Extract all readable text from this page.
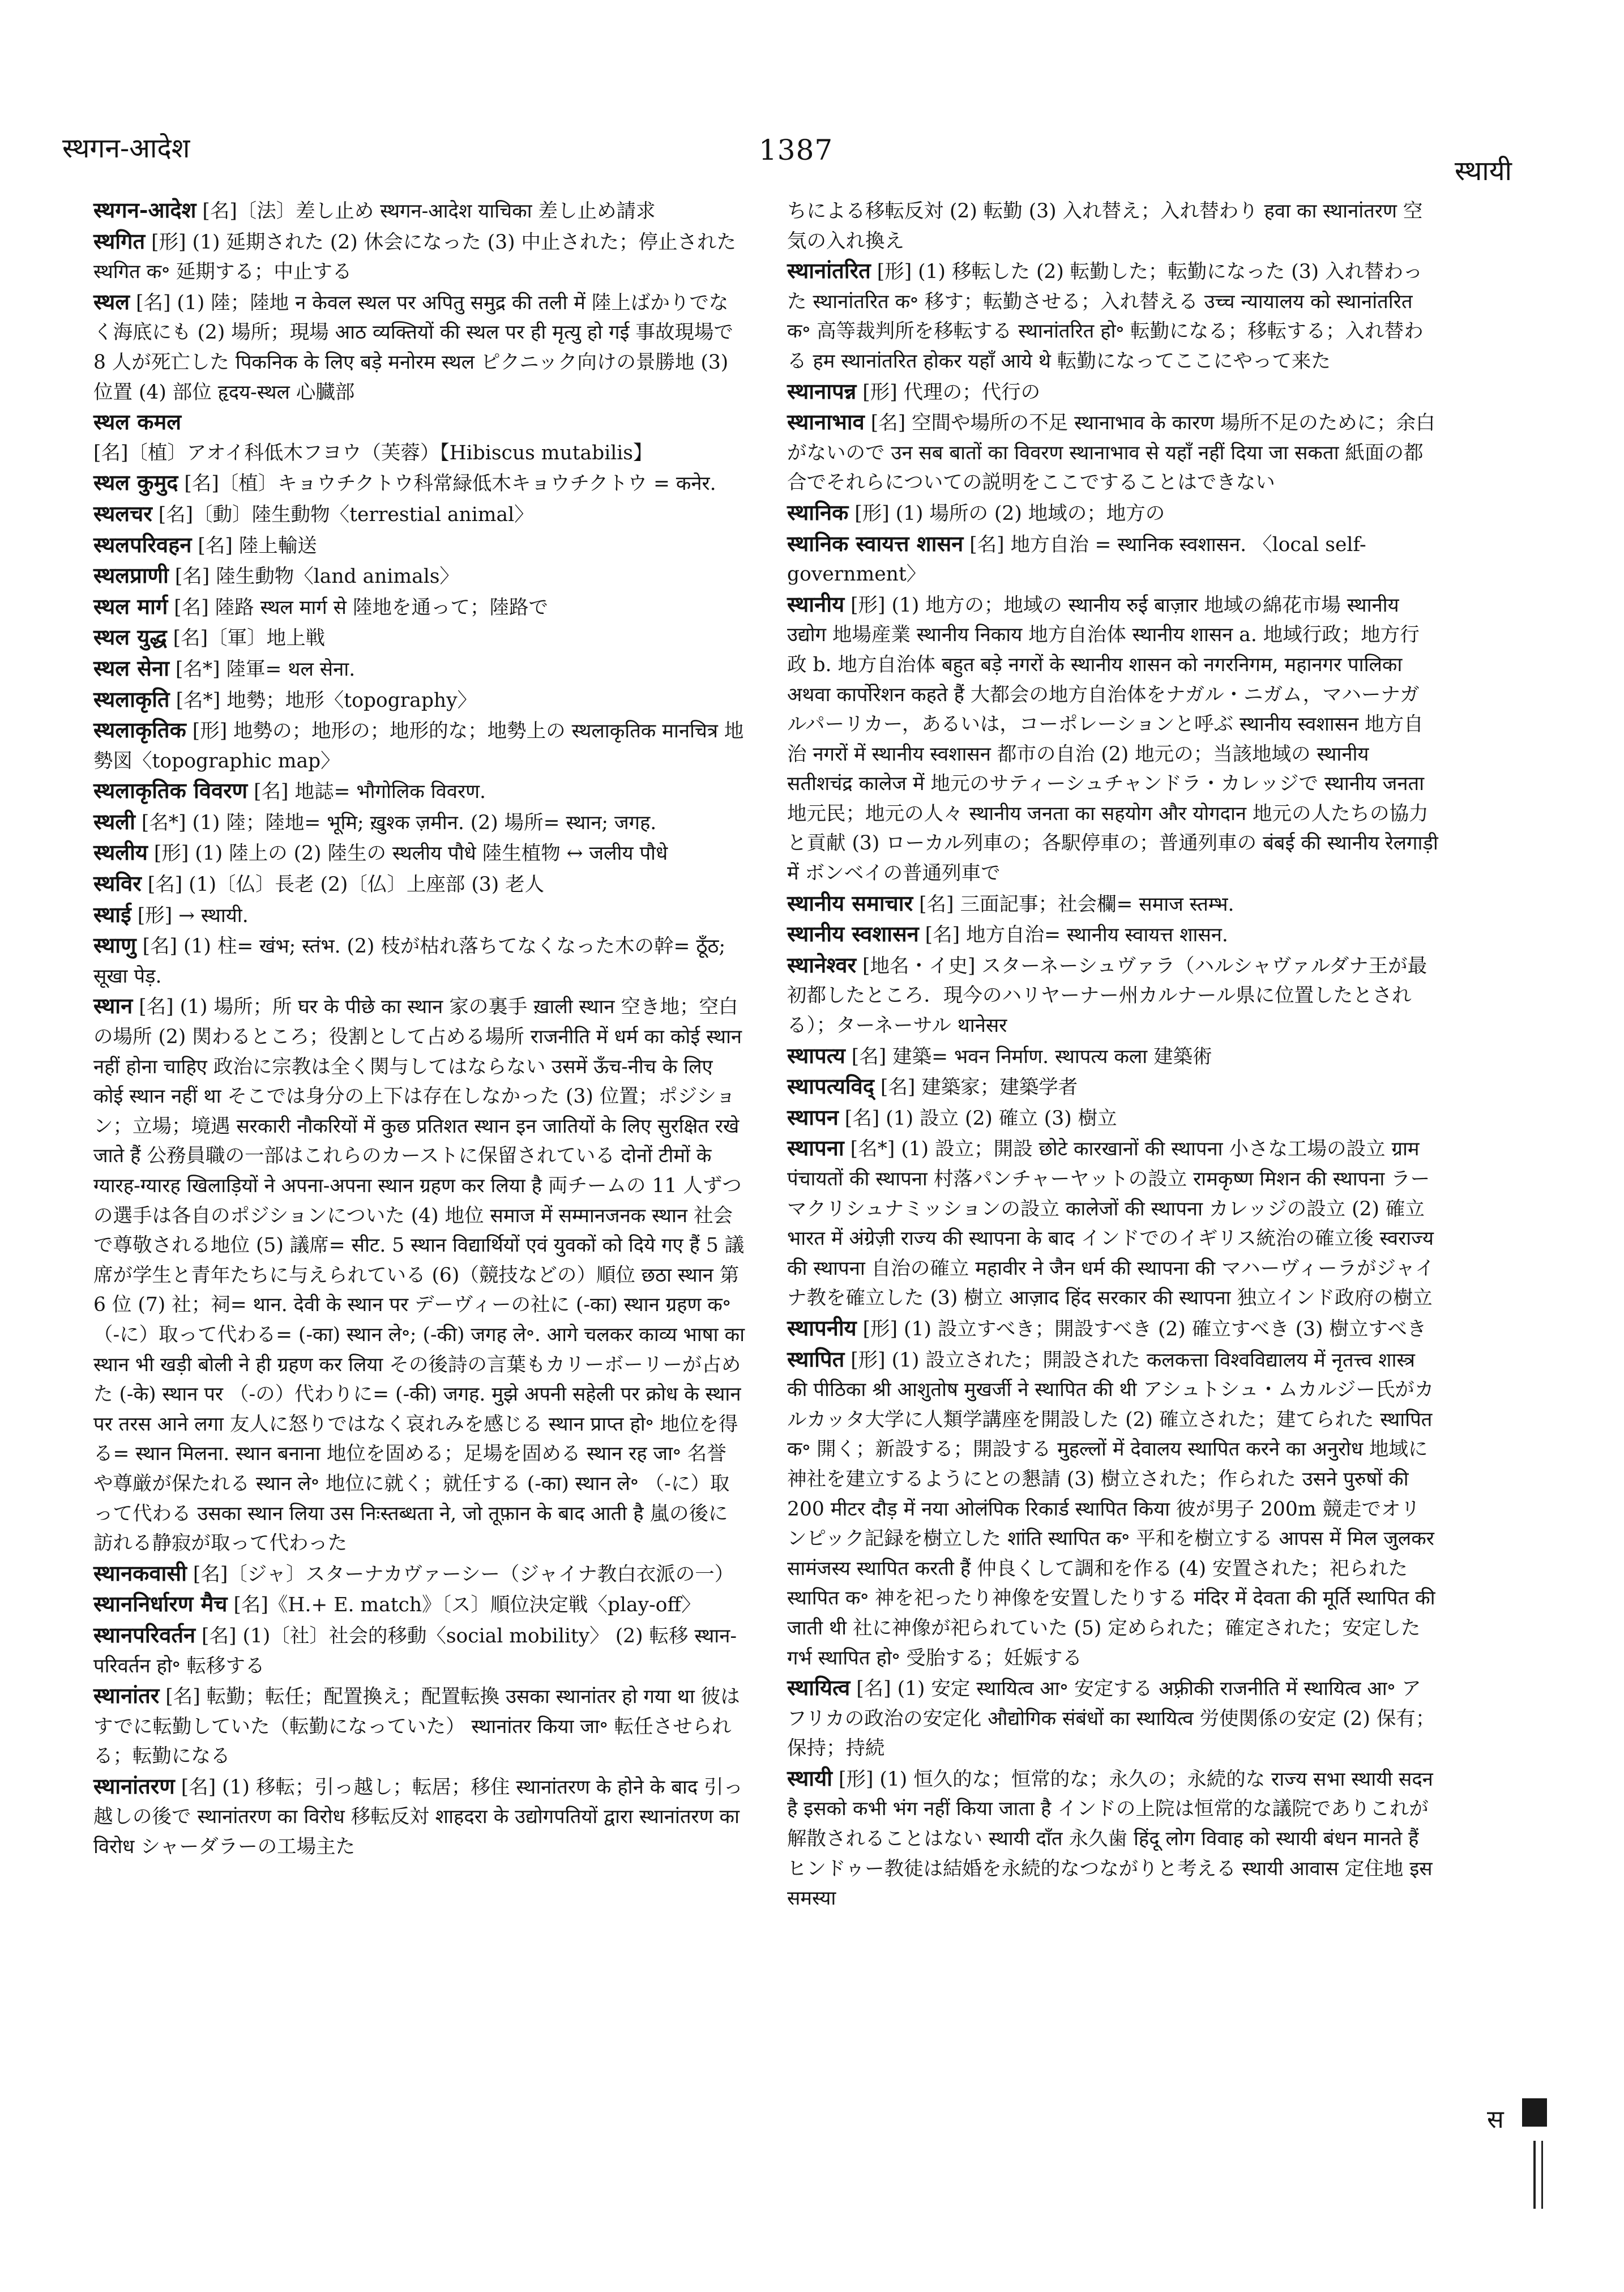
स्थगन-आदेश	1387
स्थायी

स्थगन-आदेश [名]〔法〕差し止め स्थगन-आदेश याचिका 差し止め請求

स्थगित [形] (1) 延期された (2) 休会になった (3) 中止された；停止された स्थगित क॰ 延期する；中止する

स्थल [名] (1) 陸；陸地 न केवल स्थल पर अपितु समुद्र की तली में 陸上ばかりでなく海底にも (2) 場所；現場 आठ व्यक्तियों की स्थल पर ही मृत्यु हो गई 事故現場で 8 人が死亡した पिकनिक के लिए बड़े मनोरम स्थल ピクニック向けの景勝地 (3) 位置 (4) 部位 हृदय-स्थल 心臓部

स्थल कमल [名]〔植〕アオイ科低木フヨウ（芙蓉）【Hibiscus mutabilis】

स्थल कुमुद [名]〔植〕キョウチクトウ科常緑低木キョウチクトウ = कनेर.

स्थलचर [名]〔動〕陸生動物〈terrestial animal〉

स्थलपरिवहन [名] 陸上輸送

स्थलप्राणी [名] 陸生動物〈land animals〉

स्थल मार्ग [名] 陸路 स्थल मार्ग से 陸地を通って；陸路で

स्थल युद्ध [名]〔軍〕地上戦

स्थल सेना [名*] 陸軍= थल सेना.

स्थलाकृति [名*] 地勢；地形〈topography〉

स्थलाकृतिक [形] 地勢の；地形の；地形的な；地勢上の स्थलाकृतिक मानचित्र 地勢図〈topographic map〉

स्थलाकृतिक विवरण [名] 地誌= भौगोलिक विवरण.

स्थली [名*] (1) 陸；陸地= भूमि; ख़ुश्क ज़मीन. (2) 場所= स्थान; जगह.

स्थलीय [形] (1) 陸上の (2) 陸生の स्थलीय पौधे 陸生植物 ↔ जलीय पौधे

स्थविर [名] (1)〔仏〕長老 (2)〔仏〕上座部 (3) 老人

स्थाई [形] → स्थायी.

स्थाणु [名] (1) 柱= खंभ; स्तंभ. (2) 枝が枯れ落ちてなくなった木の幹= ठूँठ; सूखा पेड़.

स्थान [名] (1) 場所；所 घर के पीछे का स्थान 家の裏手 ख़ाली स्थान 空き地；空白の場所 (2) 関わるところ；役割として占める場所 राजनीति में धर्म का कोई स्थान नहीं होना चाहिए 政治に宗教は全く関与してはならない उसमें ऊँच-नीच के लिए कोई स्थान नहीं था そこでは身分の上下は存在しなかった (3) 位置；ポジション；立場；境遇 सरकारी नौकरियों में कुछ प्रतिशत स्थान इन जातियों के लिए सुरक्षित रखे जाते हैं 公務員職の一部はこれらのカーストに保留されている दोनों टीमों के ग्यारह-ग्यारह खिलाड़ियों ने अपना-अपना स्थान ग्रहण कर लिया है 両チームの 11 人ずつの選手は各自のポジションについた (4) 地位 समाज में सम्मानजनक स्थान 社会で尊敬される地位 (5) 議席= सीट. 5 स्थान विद्यार्थियों एवं युवकों को दिये गए हैं 5 議席が学生と青年たちに与えられている (6)（競技などの）順位 छठा स्थान 第 6 位 (7) 社；祠= थान. देवी के स्थान पर デーヴィーの社に (-का) स्थान ग्रहण क॰（-に）取って代わる= (-का) स्थान ले॰; (-की) जगह ले॰. आगे चलकर काव्य भाषा का स्थान भी खड़ी बोली ने ही ग्रहण कर लिया その後詩の言葉もカリーボーリーが占めた (-के) स्थान पर （-の）代わりに= (-की) जगह. मुझे अपनी सहेली पर क्रोध के स्थान पर तरस आने लगा 友人に怒りではなく哀れみを感じる स्थान प्राप्त हो॰ 地位を得る= स्थान मिलना. स्थान बनाना 地位を固める；足場を固める स्थान रह जा॰ 名誉や尊厳が保たれる स्थान ले॰ 地位に就く；就任する (-का) स्थान ले॰ （-に）取って代わる उसका स्थान लिया उस निःस्तब्धता ने, जो तूफ़ान के बाद आती है 嵐の後に訪れる静寂が取って代わった

स्थानकवासी [名]〔ジャ〕スターナカヴァーシー（ジャイナ教白衣派の一）

स्थाननिर्धारण मैच [名]《H.+ E. match》〔ス〕順位決定戦〈play-off〉

स्थानपरिवर्तन [名] (1)〔社〕社会的移動〈social mobility〉 (2) 転移 स्थान-परिवर्तन हो॰ 転移する

स्थानांतर [名] 転勤；転任；配置換え；配置転換 उसका स्थानांतर हो गया था 彼はすでに転勤していた（転勤になっていた） स्थानांतर किया जा॰ 転任させられる；転勤になる

स्थानांतरण [名] (1) 移転；引っ越し；転居；移住 स्थानांतरण के होने के बाद 引っ越しの後で स्थानांतरण का विरोध 移転反対 शाहदरा के उद्योगपतियों द्वारा स्थानांतरण का विरोध シャーダラーの工場主た

ちによる移転反対 (2) 転勤 (3) 入れ替え；入れ替わり हवा का स्थानांतरण 空気の入れ換え

स्थानांतरित [形] (1) 移転した (2) 転勤した；転勤になった (3) 入れ替わった स्थानांतरित क॰ 移す；転勤させる；入れ替える उच्च न्यायालय को स्थानांतरित क॰ 高等裁判所を移転する स्थानांतरित हो॰ 転勤になる；移転する；入れ替わる हम स्थानांतरित होकर यहाँ आये थे 転勤になってここにやって来た

स्थानापन्न [形] 代理の；代行の

स्थानाभाव [名] 空間や場所の不足 स्थानाभाव के कारण 場所不足のために；余白がないので उन सब बातों का विवरण स्थानाभाव से यहाँ नहीं दिया जा सकता 紙面の都合でそれらについての説明をここですることはできない

स्थानिक [形] (1) 場所の (2) 地域の；地方の

स्थानिक स्वायत्त शासन [名] 地方自治 = स्थानिक स्वशासन. 〈local self-government〉

स्थानीय [形] (1) 地方の；地域の स्थानीय रुई बाज़ार 地域の綿花市場 स्थानीय उद्योग 地場産業 स्थानीय निकाय 地方自治体 स्थानीय शासन a. 地域行政；地方行政 b. 地方自治体 बहुत बड़े नगरों के स्थानीय शासन को नगरनिगम, महानगर पालिका अथवा कार्पोरेशन कहते हैं 大都会の地方自治体をナガル・ニガム，マハーナガルパーリカー，あるいは，コーポレーションと呼ぶ स्थानीय स्वशासन 地方自治 नगरों में स्थानीय स्वशासन 都市の自治 (2) 地元の；当該地域の स्थानीय सतीशचंद्र कालेज में 地元のサティーシュチャンドラ・カレッジで स्थानीय जनता 地元民；地元の人々 स्थानीय जनता का सहयोग और योगदान 地元の人たちの協力と貢献 (3) ローカル列車の；各駅停車の；普通列車の बंबई की स्थानीय रेलगाड़ी में ボンベイの普通列車で

स्थानीय समाचार [名] 三面記事；社会欄= समाज स्तम्भ.

स्थानीय स्वशासन [名] 地方自治= स्थानीय स्वायत्त शासन.

स्थानेश्वर [地名・イ史] スターネーシュヴァラ（ハルシャヴァルダナ王が最初都したところ．現今のハリヤーナー州カルナール県に位置したとされる）；ターネーサル थानेसर

स्थापत्य [名] 建築= भवन निर्माण. स्थापत्य कला 建築術

स्थापत्यविद् [名] 建築家；建築学者

स्थापन [名] (1) 設立 (2) 確立 (3) 樹立

स्थापना [名*] (1) 設立；開設 छोटे कारखानों की स्थापना 小さな工場の設立 ग्राम पंचायतों की स्थापना 村落パンチャーヤットの設立 रामकृष्ण मिशन की स्थापना ラーマクリシュナミッションの設立 कालेजों की स्थापना カレッジの設立 (2) 確立 भारत में अंग्रेज़ी राज्य की स्थापना के बाद インドでのイギリス統治の確立後 स्वराज्य की स्थापना 自治の確立 महावीर ने जैन धर्म की स्थापना की マハーヴィーラがジャイナ教を確立した (3) 樹立 आज़ाद हिंद सरकार की स्थापना 独立インド政府の樹立

स्थापनीय [形] (1) 設立すべき；開設すべき (2) 確立すべき (3) 樹立すべき

स्थापित [形] (1) 設立された；開設された कलकत्ता विश्वविद्यालय में नृतत्त्व शास्त्र की पीठिका श्री आशुतोष मुखर्जी ने स्थापित की थी アシュトシュ・ムカルジー氏がカルカッタ大学に人類学講座を開設した (2) 確立された；建てられた स्थापित क॰ 開く；新設する；開設する मुहल्लों में देवालय स्थापित करने का अनुरोध 地域に神社を建立するようにとの懇請 (3) 樹立された；作られた उसने पुरुषों की 200 मीटर दौड़ में नया ओलंपिक रिकार्ड स्थापित किया 彼が男子 200m 競走でオリンピック記録を樹立した शांति स्थापित क॰ 平和を樹立する आपस में मिल जुलकर सामंजस्य स्थापित करती हैं 仲良くして調和を作る (4) 安置された；祀られた स्थापित क॰ 神を祀ったり神像を安置したりする मंदिर में देवता की मूर्ति स्थापित की जाती थी 社に神像が祀られていた (5) 定められた；確定された；安定した गर्भ स्थापित हो॰ 受胎する；妊娠する

स्थायित्व [名] (1) 安定 स्थायित्व आ॰ 安定する अफ़्रीकी राजनीति में स्थायित्व आ॰ アフリカの政治の安定化 औद्योगिक संबंधों का स्थायित्व 労使関係の安定 (2) 保有；保持；持続

स्थायी [形] (1) 恒久的な；恒常的な；永久の；永続的な राज्य सभा स्थायी सदन है इसको कभी भंग नहीं किया जाता है インドの上院は恒常的な議院でありこれが解散されることはない स्थायी दाँत 永久歯 हिंदू लोग विवाह को स्थायी बंधन मानते हैं ヒンドゥー教徒は結婚を永続的なつながりと考える स्थायी आवास 定住地 इस समस्या

स
